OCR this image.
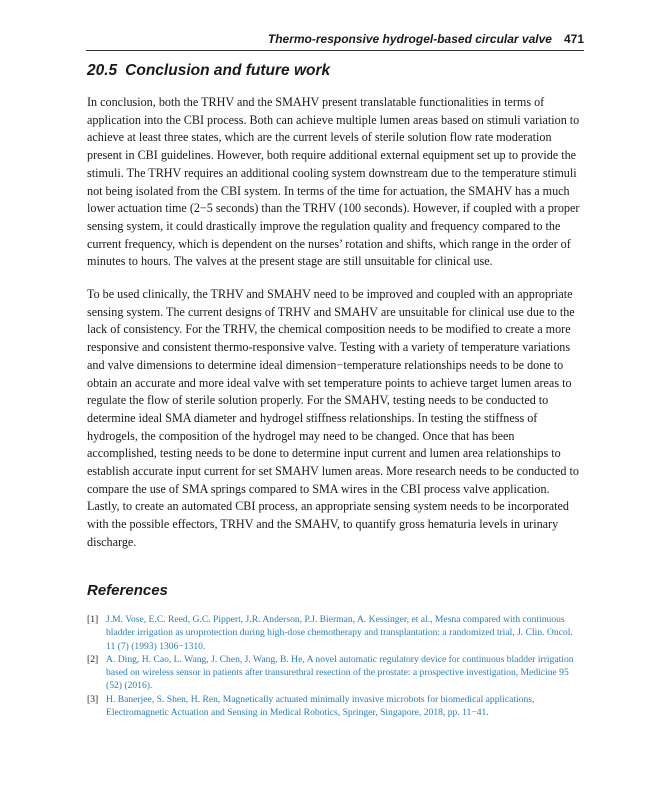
Thermo-responsive hydrogel-based circular valve 471
20.5 Conclusion and future work

In conclusion, both the TRHV and the SMAHV present translatable functionalities in terms of application into the CBI process. Both can achieve multiple lumen areas based on stimuli variation to achieve at least three states, which are the current levels of sterile solution flow rate moderation present in CBI guidelines. However, both require additional external equipment set up to provide the stimuli. The TRHV requires an additional cooling system downstream due to the temperature stimuli not being isolated from the CBI system. In terms of the time for actuation, the SMAHV has a much lower actuation time (2−5 seconds) than the TRHV (100 seconds). However, if coupled with a proper sensing system, it could drastically improve the regulation quality and frequency compared to the current frequency, which is dependent on the nurses’ rotation and shifts, which range in the order of minutes to hours. The valves at the present stage are still unsuitable for clinical use.

To be used clinically, the TRHV and SMAHV need to be improved and coupled with an appropriate sensing system. The current designs of TRHV and SMAHV are unsuitable for clinical use due to the lack of consistency. For the TRHV, the chemical composition needs to be modified to create a more responsive and consistent thermo-responsive valve. Testing with a variety of temperature variations and valve dimensions to determine ideal dimension−temperature relationships needs to be done to obtain an accurate and more ideal valve with set temperature points to achieve target lumen areas to regulate the flow of sterile solution properly. For the SMAHV, testing needs to be conducted to determine ideal SMA diameter and hydrogel stiffness relationships. In testing the stiffness of hydrogels, the composition of the hydrogel may need to be changed. Once that has been accomplished, testing needs to be done to determine input current and lumen area relationships to establish accurate input current for set SMAHV lumen areas. More research needs to be conducted to compare the use of SMA springs compared to SMA wires in the CBI process valve application. Lastly, to create an automated CBI process, an appropriate sensing system needs to be incorporated with the possible effectors, TRHV and the SMAHV, to quantify gross hematuria levels in urinary discharge.

References
[1] J.M. Vose, E.C. Reed, G.C. Pippert, J.R. Anderson, P.J. Bierman, A. Kessinger, et al., Mesna compared with continuous bladder irrigation as uroprotection during high-dose chemotherapy and transplantation: a randomized trial, J. Clin. Oncol. 11 (7) (1993) 1306−1310.
[2] A. Ding, H. Cao, L. Wang, J. Chen, J. Wang, B. He, A novel automatic regulatory device for continuous bladder irrigation based on wireless sensor in patients after transurethral resection of the prostate: a prospective investigation, Medicine 95 (52) (2016).
[3] H. Banerjee, S. Shen, H. Ren, Magnetically actuated minimally invasive microbots for biomedical applications, Electromagnetic Actuation and Sensing in Medical Robotics, Springer, Singapore, 2018, pp. 11−41.
